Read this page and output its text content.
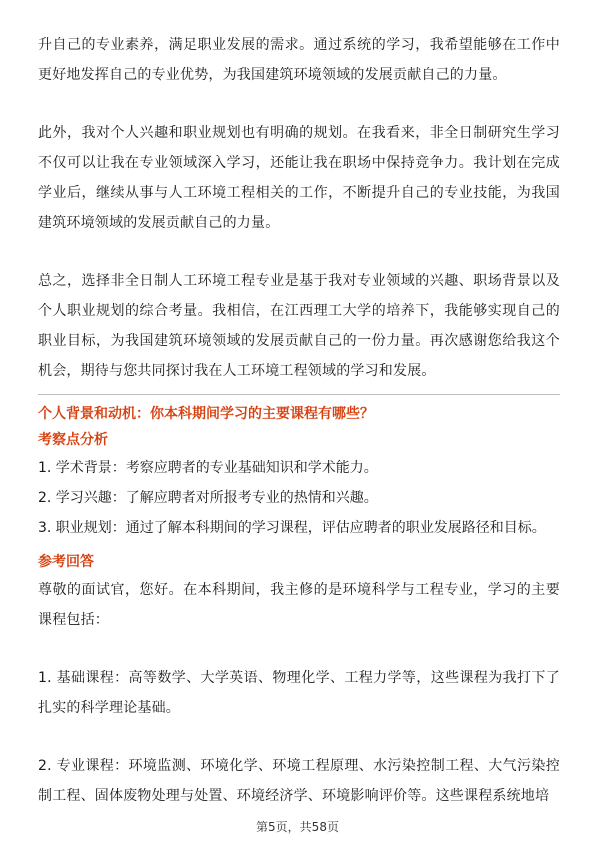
升自己的专业素养，满足职业发展的需求。通过系统的学习，我希望能够在工作中更好地发挥自己的专业优势，为我国建筑环境领域的发展贡献自己的力量。

此外，我对个人兴趣和职业规划也有明确的规划。在我看来，非全日制研究生学习不仅可以让我在专业领域深入学习，还能让我在职场中保持竞争力。我计划在完成学业后，继续从事与人工环境工程相关的工作，不断提升自己的专业技能，为我国建筑环境领域的发展贡献自己的力量。

总之，选择非全日制人工环境工程专业是基于我对专业领域的兴趣、职场背景以及个人职业规划的综合考量。我相信，在江西理工大学的培养下，我能够实现自己的职业目标，为我国建筑环境领域的发展贡献自己的一份力量。再次感谢您给我这个机会，期待与您共同探讨我在人工环境工程领域的学习和发展。

个人背景和动机：你本科期间学习的主要课程有哪些？

考察点分析

1. 学术背景：考察应聘者的专业基础知识和学术能力。

2. 学习兴趣：了解应聘者对所报考专业的热情和兴趣。

3. 职业规划：通过了解本科期间的学习课程，评估应聘者的职业发展路径和目标。

参考回答

尊敬的面试官，您好。在本科期间，我主修的是环境科学与工程专业，学习的主要课程包括：

1. 基础课程：高等数学、大学英语、物理化学、工程力学等，这些课程为我打下了扎实的科学理论基础。

2. 专业课程：环境监测、环境化学、环境工程原理、水污染控制工程、大气污染控制工程、固体废物处理与处置、环境经济学、环境影响评价等。这些课程系统地培

第5页，共58页
